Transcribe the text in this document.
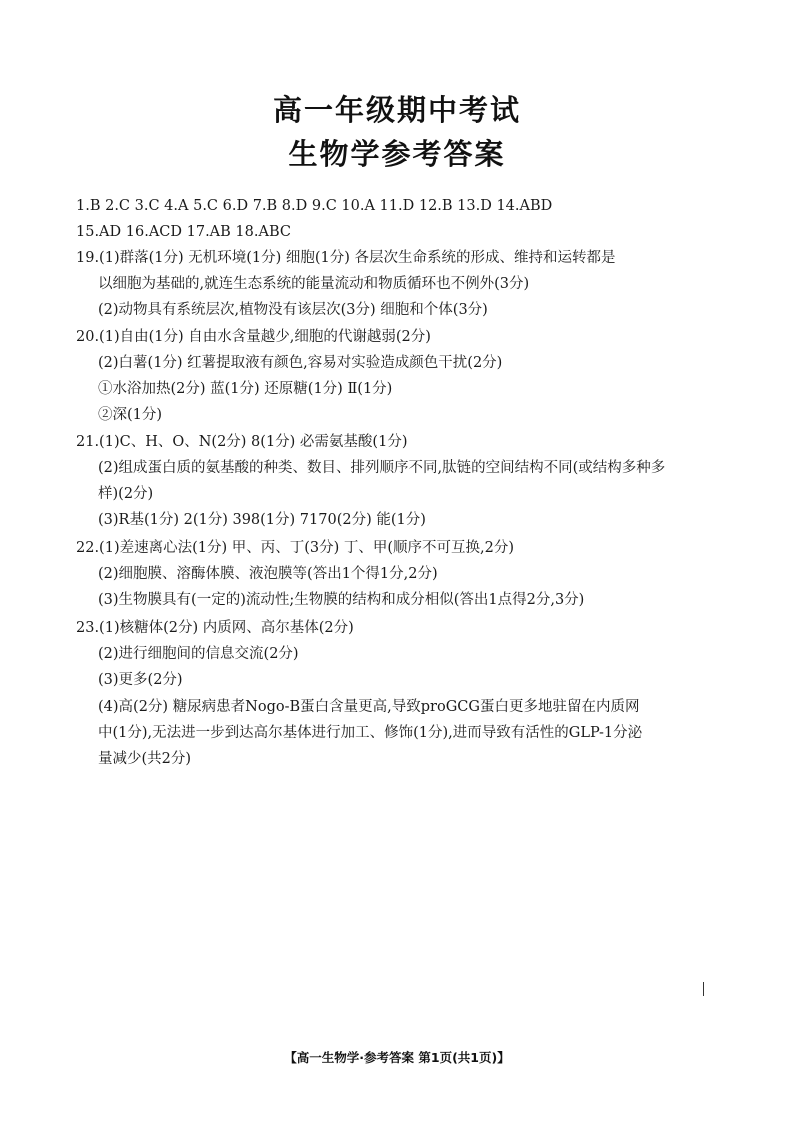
高一年级期中考试
生物学参考答案
1.B 2.C 3.C 4.A 5.C 6.D 7.B 8.D 9.C 10.A 11.D 12.B 13.D 14.ABD
15.AD 16.ACD 17.AB 18.ABC
19.(1)群落(1分) 无机环境(1分) 细胞(1分) 各层次生命系统的形成、维持和运转都是
以细胞为基础的,就连生态系统的能量流动和物质循环也不例外(3分)
(2)动物具有系统层次,植物没有该层次(3分) 细胞和个体(3分)
20.(1)自由(1分) 自由水含量越少,细胞的代谢越弱(2分)
(2)白薯(1分) 红薯提取液有颜色,容易对实验造成颜色干扰(2分)
①水浴加热(2分) 蓝(1分) 还原糖(1分) Ⅱ(1分)
②深(1分)
21.(1)C、H、O、N(2分) 8(1分) 必需氨基酸(1分)
(2)组成蛋白质的氨基酸的种类、数目、排列顺序不同,肽链的空间结构不同(或结构多种多
样)(2分)
(3)R基(1分) 2(1分) 398(1分) 7170(2分) 能(1分)
22.(1)差速离心法(1分) 甲、丙、丁(3分) 丁、甲(顺序不可互换,2分)
(2)细胞膜、溶酶体膜、液泡膜等(答出1个得1分,2分)
(3)生物膜具有(一定的)流动性;生物膜的结构和成分相似(答出1点得2分,3分)
23.(1)核糖体(2分) 内质网、高尔基体(2分)
(2)进行细胞间的信息交流(2分)
(3)更多(2分)
(4)高(2分) 糖尿病患者Nogo-B蛋白含量更高,导致proGCG蛋白更多地驻留在内质网
中(1分),无法进一步到达高尔基体进行加工、修饰(1分),进而导致有活性的GLP-1分泌
量减少(共2分)
【高一生物学·参考答案 第1页(共1页)】
